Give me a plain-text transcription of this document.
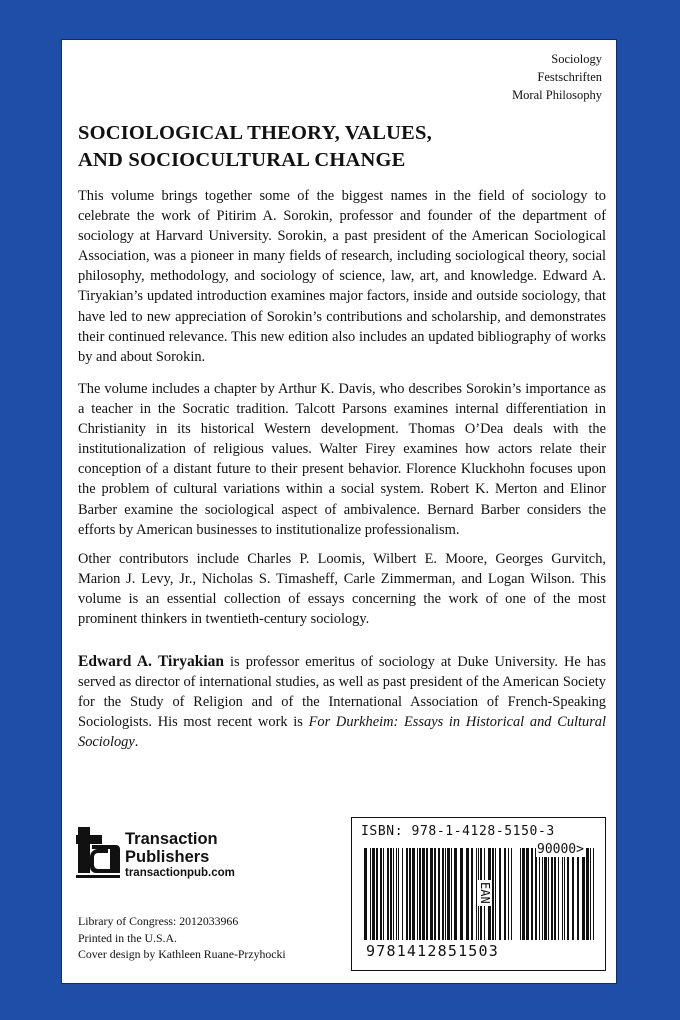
Sociology
Festschriften
Moral Philosophy
SOCIOLOGICAL THEORY, VALUES,
AND SOCIOCULTURAL CHANGE

This volume brings together some of the biggest names in the field of sociology to celebrate the work of Pitirim A. Sorokin, professor and founder of the department of sociology at Harvard University. Sorokin, a past president of the American Sociological Association, was a pioneer in many fields of research, including sociological theory, social philosophy, methodology, and sociology of science, law, art, and knowledge. Edward A. Tiryakian’s updated introduction examines major factors, inside and outside sociology, that have led to new appreciation of Sorokin’s contributions and scholarship, and demonstrates their continued relevance. This new edition also includes an updated bibliography of works by and about Sorokin.

The volume includes a chapter by Arthur K. Davis, who describes Sorokin’s importance as a teacher in the Socratic tradition. Talcott Parsons examines internal differentiation in Christianity in its historical Western development. Thomas O’Dea deals with the institutionalization of religious values. Walter Firey examines how actors relate their conception of a distant future to their present behavior. Florence Kluckhohn focuses upon the problem of cultural variations within a social system. Robert K. Merton and Elinor Barber examine the sociological aspect of ambivalence. Bernard Barber considers the efforts by American businesses to institutionalize professionalism.

Other contributors include Charles P. Loomis, Wilbert E. Moore, Georges Gurvitch, Marion J. Levy, Jr., Nicholas S. Timasheff, Carle Zimmerman, and Logan Wilson. This volume is an essential collection of essays concerning the work of one of the most prominent thinkers in twentieth-century sociology.

Edward A. Tiryakian is professor emeritus of sociology at Duke University. He has served as director of international studies, as well as past president of the American Society for the Study of Religion and of the International Association of French-Speaking Sociologists. His most recent work is For Durkheim: Essays in Historical and Cultural Sociology.

ta
Transaction
Publishers
transactionpub.com
Library of Congress: 2012033966
Printed in the U.S.A.
Cover design by Kathleen Ruane-Przyhocki
ISBN: 978-1-4128-5150-3
EAN
90000>
9781412851503
